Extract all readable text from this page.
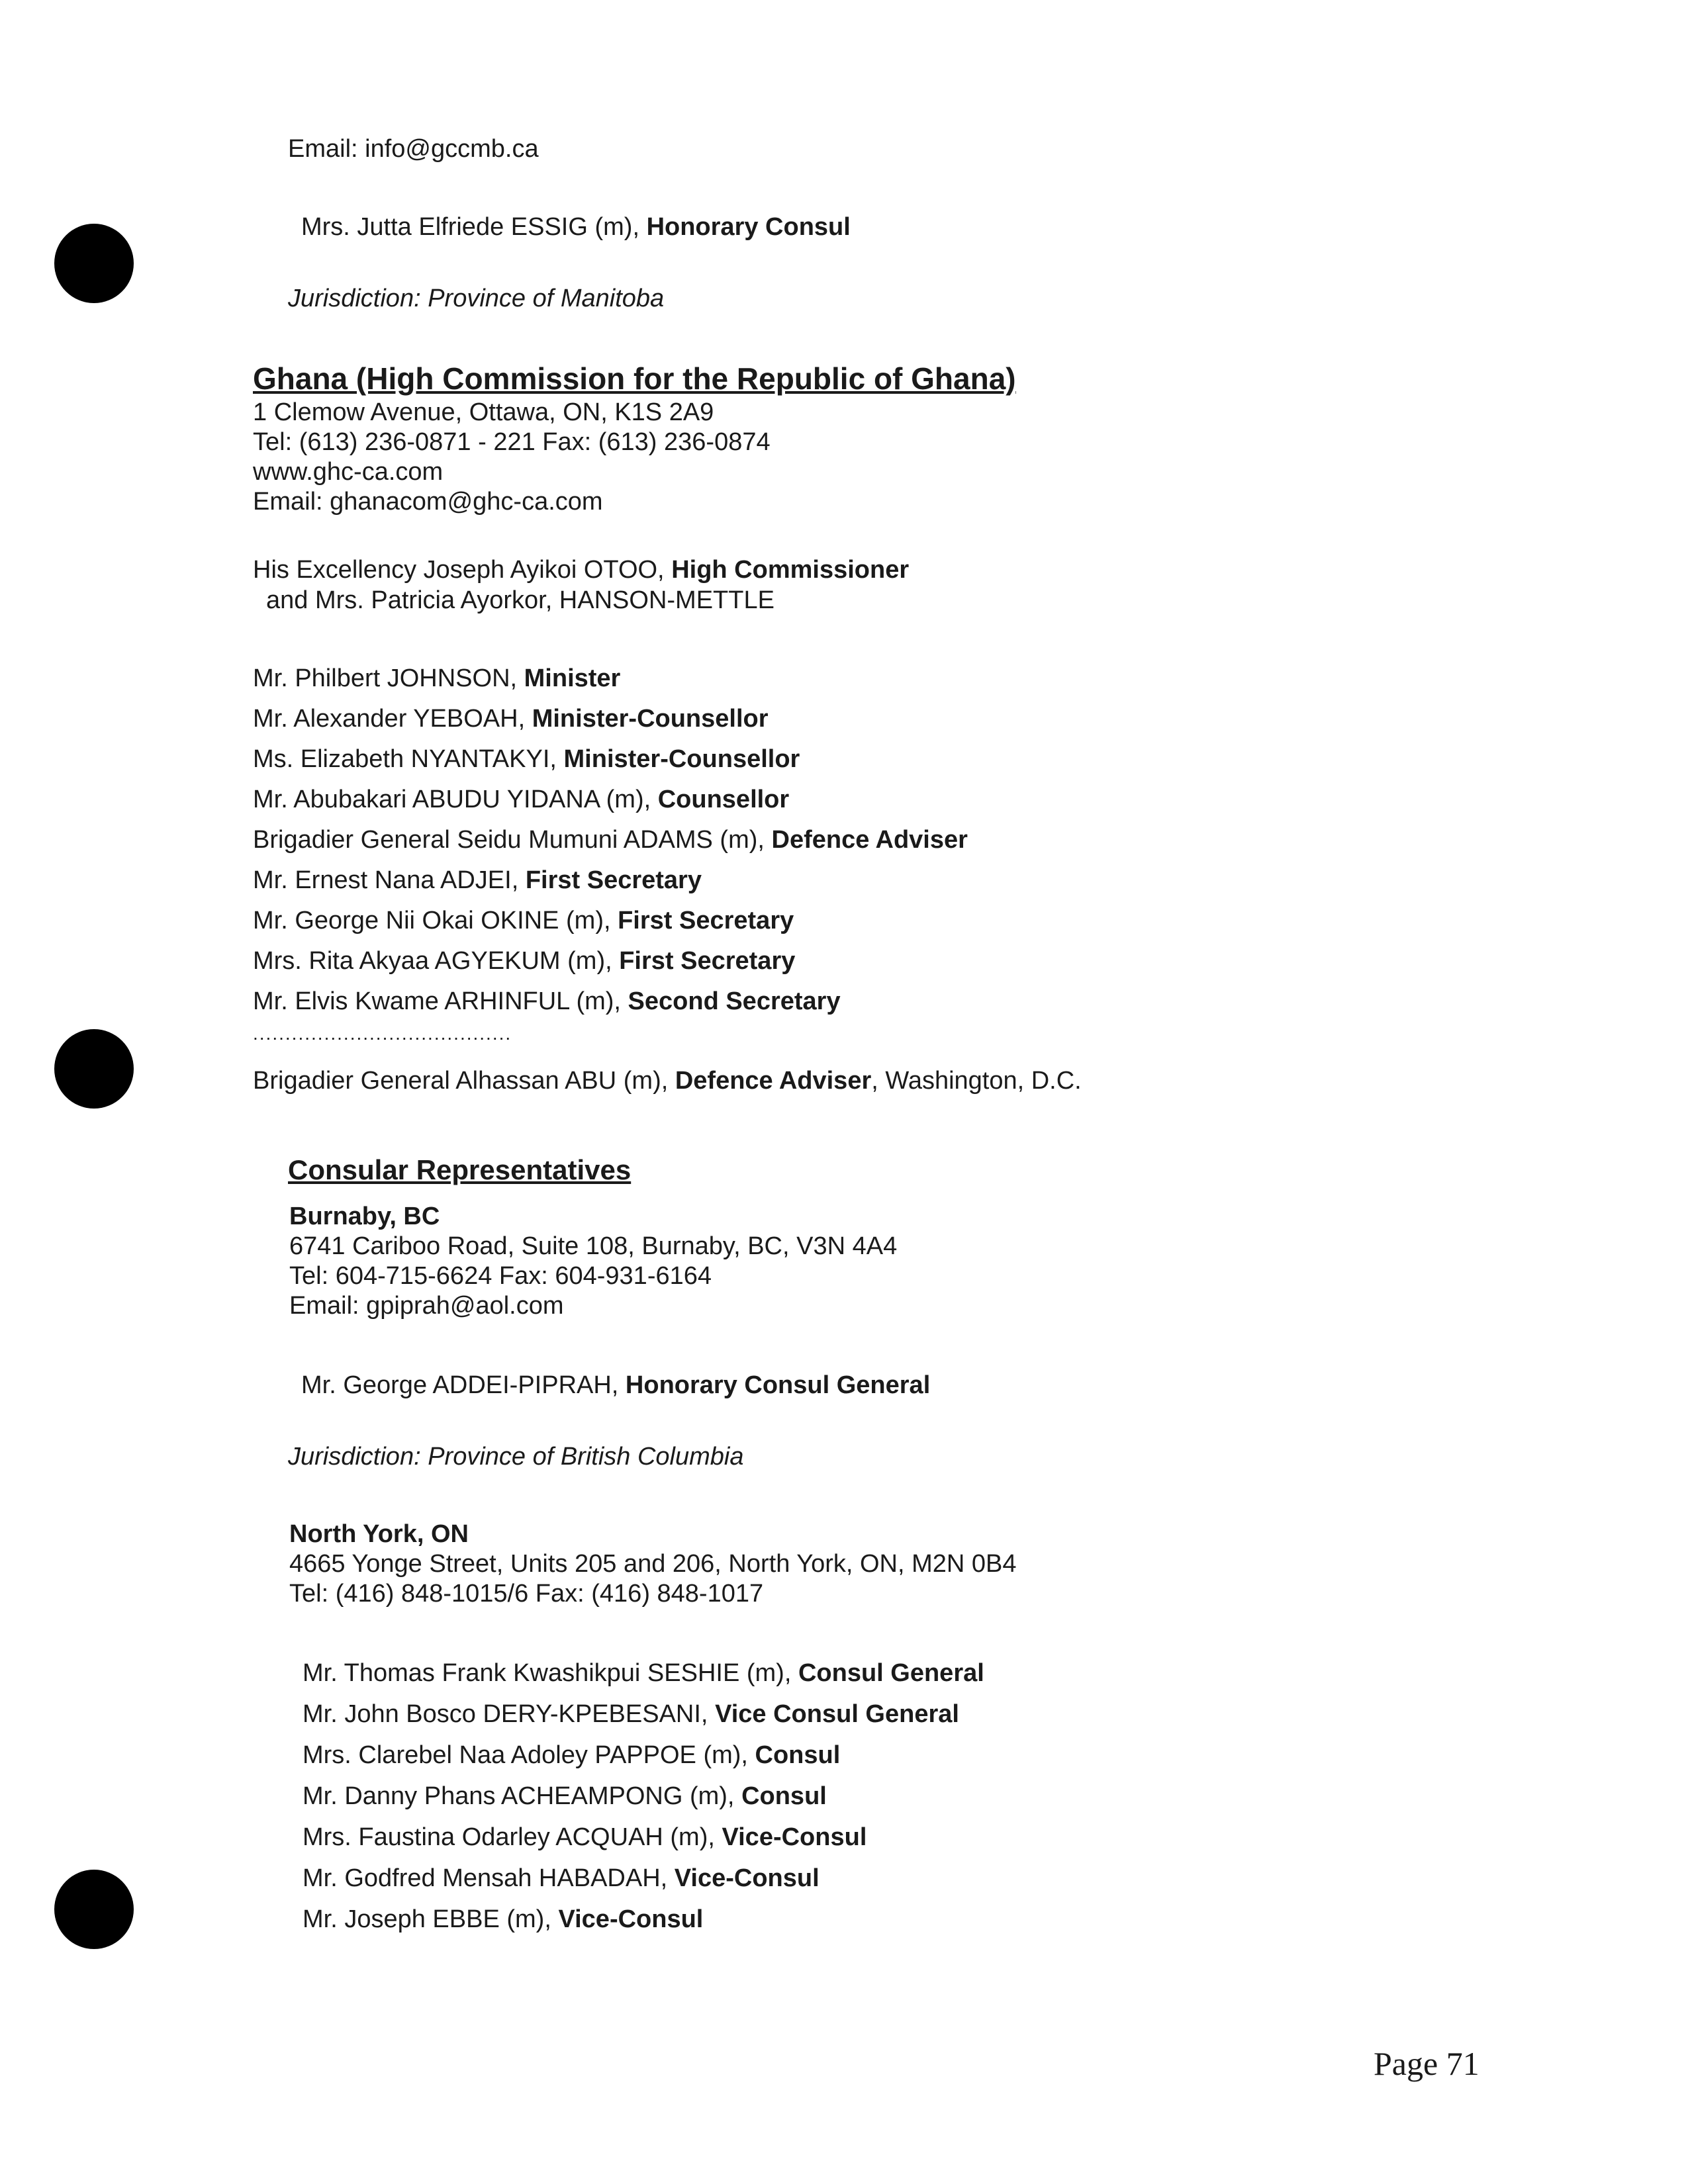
Email: info@gccmb.ca

Mrs. Jutta Elfriede ESSIG (m), Honorary Consul

Jurisdiction: Province of Manitoba

Ghana (High Commission for the Republic of Ghana)

1 Clemow Avenue, Ottawa, ON, K1S 2A9

Tel: (613) 236-0871 - 221 Fax: (613) 236-0874

www.ghc-ca.com

Email: ghanacom@ghc-ca.com

His Excellency Joseph Ayikoi OTOO, High Commissioner

and Mrs. Patricia Ayorkor, HANSON-METTLE

Mr. Philbert JOHNSON, Minister

Mr. Alexander YEBOAH, Minister-Counsellor

Ms. Elizabeth NYANTAKYI, Minister-Counsellor

Mr. Abubakari ABUDU YIDANA (m), Counsellor

Brigadier General Seidu Mumuni ADAMS (m), Defence Adviser

Mr. Ernest Nana ADJEI, First Secretary

Mr. George Nii Okai OKINE (m), First Secretary

Mrs. Rita Akyaa AGYEKUM (m), First Secretary

Mr. Elvis Kwame ARHINFUL (m), Second Secretary

........................................

Brigadier General Alhassan ABU (m), Defence Adviser, Washington, D.C.

Consular Representatives

Burnaby, BC

6741 Cariboo Road, Suite 108, Burnaby, BC, V3N 4A4

Tel: 604-715-6624 Fax: 604-931-6164

Email: gpiprah@aol.com

Mr. George ADDEI-PIPRAH, Honorary Consul General

Jurisdiction: Province of British Columbia

North York, ON

4665 Yonge Street, Units 205 and 206, North York, ON, M2N 0B4

Tel: (416) 848-1015/6 Fax: (416) 848-1017

Mr. Thomas Frank Kwashikpui SESHIE (m), Consul General

Mr. John Bosco DERY-KPEBESANI, Vice Consul General

Mrs. Clarebel Naa Adoley PAPPOE (m), Consul

Mr. Danny Phans ACHEAMPONG (m), Consul

Mrs. Faustina Odarley ACQUAH (m), Vice-Consul

Mr. Godfred Mensah HABADAH, Vice-Consul

Mr. Joseph EBBE (m), Vice-Consul

Page 71
